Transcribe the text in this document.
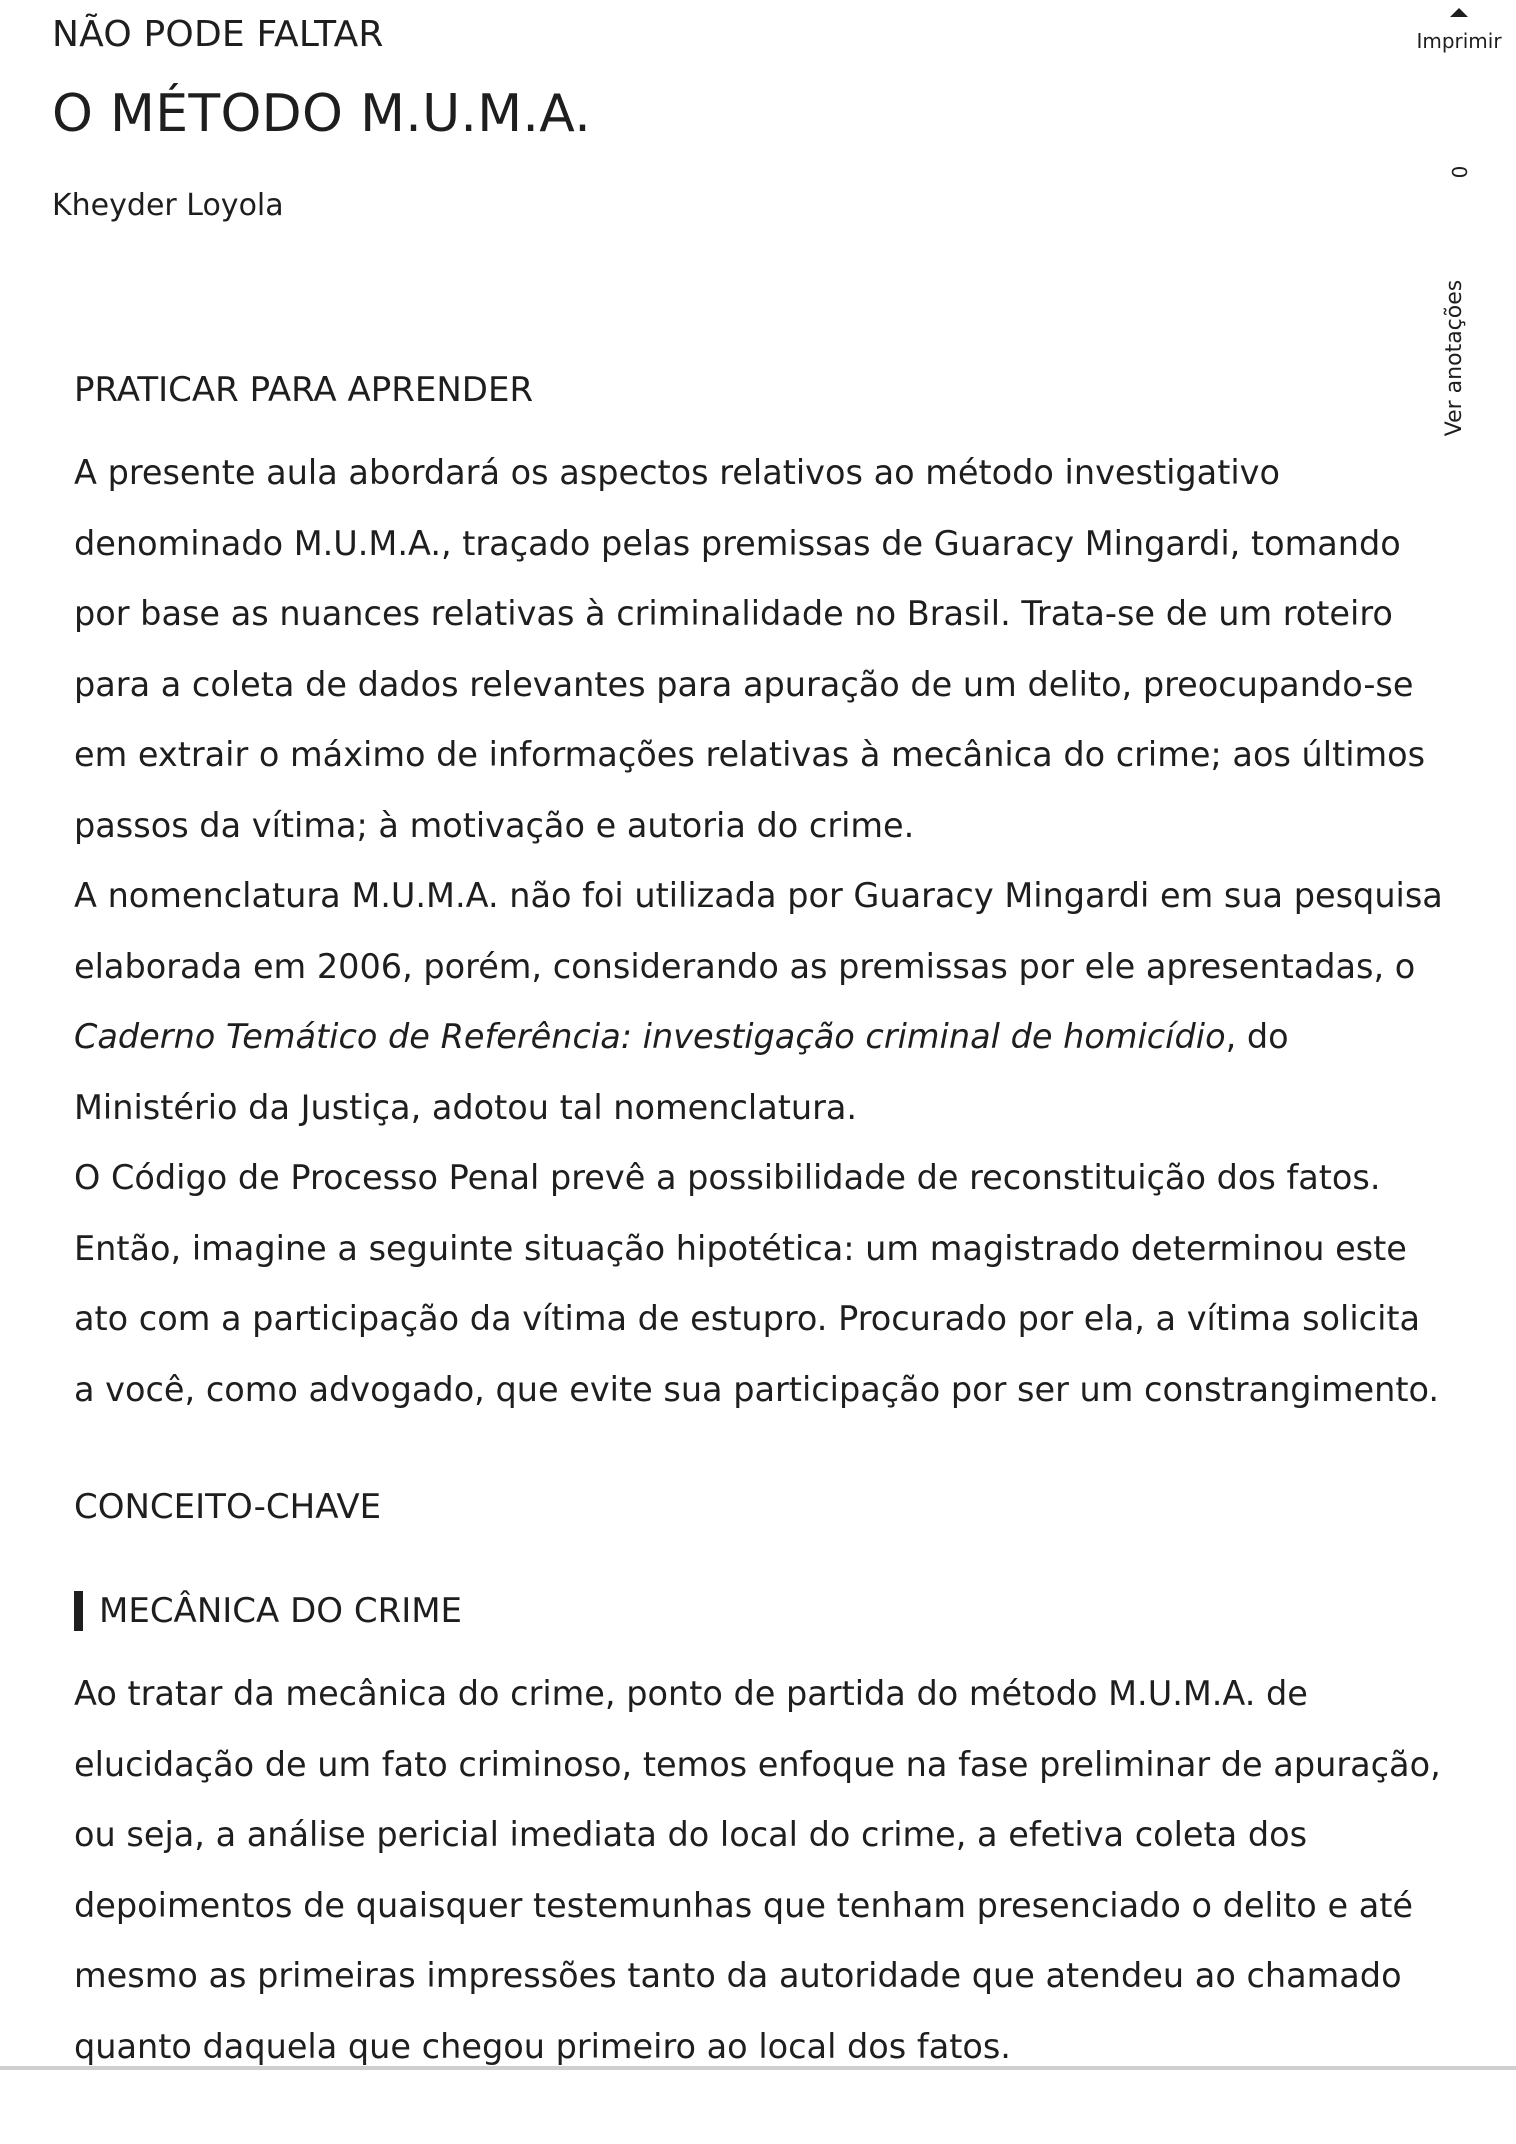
NÃO PODE FALTAR
O MÉTODO M.U.M.A.
Kheyder Loyola
Imprimir
0
Ver anotações
PRATICAR PARA APRENDER

A presente aula abordará os aspectos relativos ao método investigativo denominado M.U.M.A., traçado pelas premissas de Guaracy Mingardi, tomando por base as nuances relativas à criminalidade no Brasil. Trata-se de um roteiro para a coleta de dados relevantes para apuração de um delito, preocupando-se em extrair o máximo de informações relativas à mecânica do crime; aos últimos passos da vítima; à motivação e autoria do crime.

A nomenclatura M.U.M.A. não foi utilizada por Guaracy Mingardi em sua pesquisa elaborada em 2006, porém, considerando as premissas por ele apresentadas, o Caderno Temático de Referência: investigação criminal de homicídio, do Ministério da Justiça, adotou tal nomenclatura.

O Código de Processo Penal prevê a possibilidade de reconstituição dos fatos. Então, imagine a seguinte situação hipotética: um magistrado determinou este ato com a participação da vítima de estupro. Procurado por ela, a vítima solicita a você, como advogado, que evite sua participação por ser um constrangimento.

CONCEITO-CHAVE
MECÂNICA DO CRIME

Ao tratar da mecânica do crime, ponto de partida do método M.U.M.A. de elucidação de um fato criminoso, temos enfoque na fase preliminar de apuração, ou seja, a análise pericial imediata do local do crime, a efetiva coleta dos depoimentos de quaisquer testemunhas que tenham presenciado o delito e até mesmo as primeiras impressões tanto da autoridade que atendeu ao chamado quanto daquela que chegou primeiro ao local dos fatos.
